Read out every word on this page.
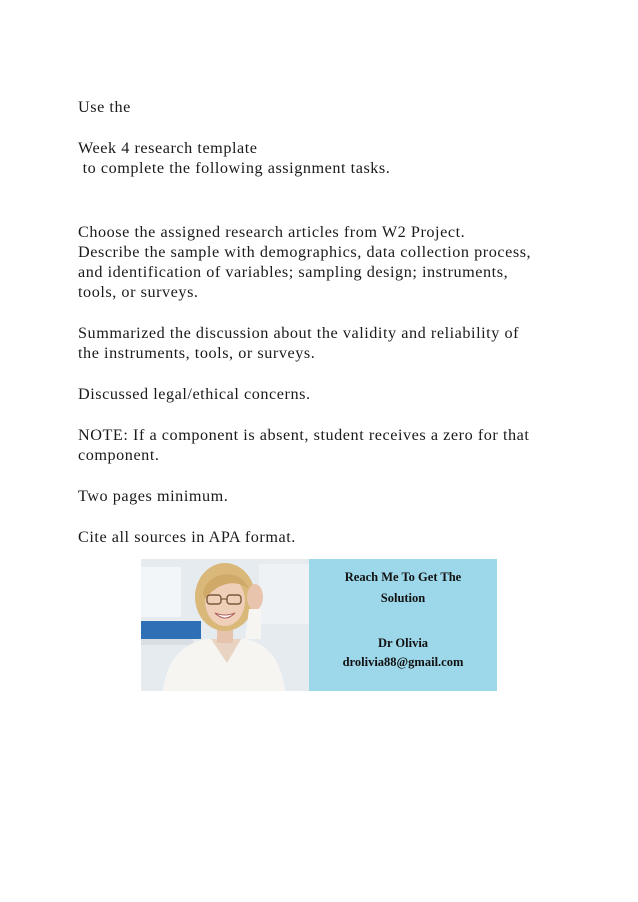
Use the
Week 4 research template
to complete the following assignment tasks.
Choose the assigned research articles from W2 Project.
Describe the sample with demographics, data collection process,
and identification of variables; sampling design; instruments,
tools, or surveys.
Summarized the discussion about the validity and reliability of
the instruments, tools, or surveys.
Discussed legal/ethical concerns.
NOTE: If a component is absent, student receives a zero for that
component.
Two pages minimum.
Cite all sources in APA format.
Reach Me To Get The
Solution
Dr Olivia
drolivia88@gmail.com
